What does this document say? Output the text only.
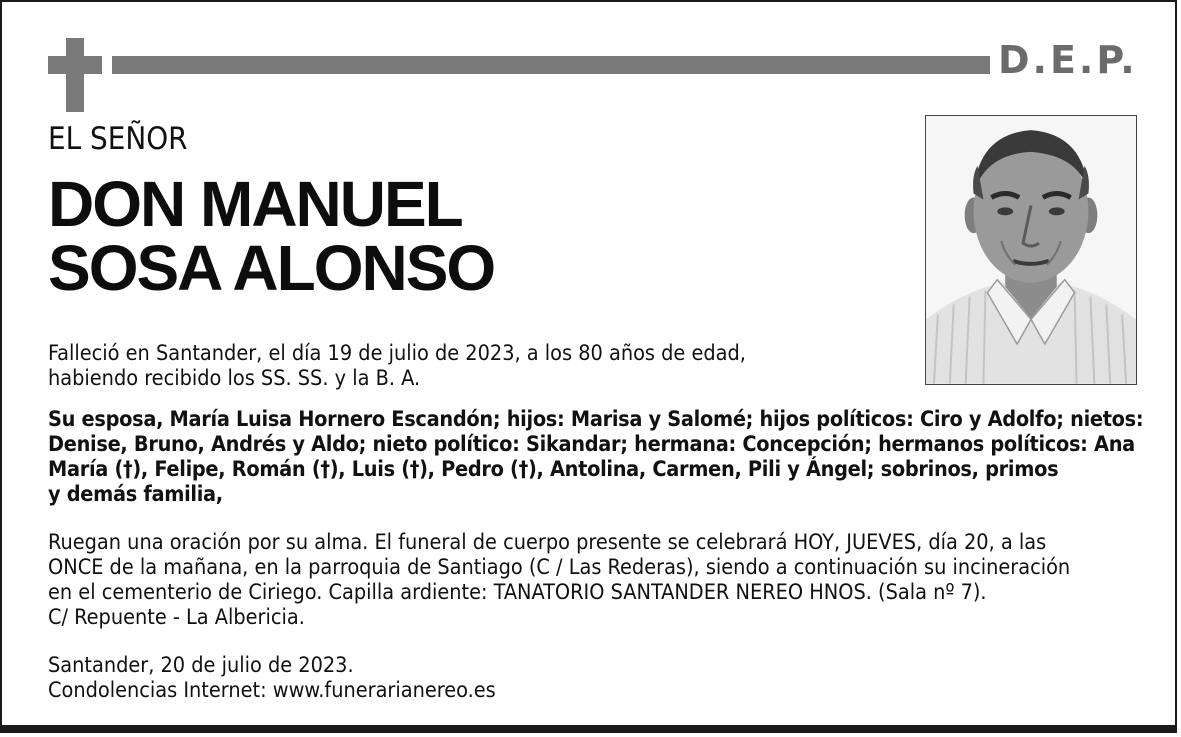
D.E.P.
EL SEÑOR
DON MANUEL
SOSA ALONSO

Falleció en Santander, el día 19 de julio de 2023, a los 80 años de edad,
habiendo recibido los SS. SS. y la B. A.

Su esposa, María Luisa Hornero Escandón; hijos: Marisa y Salomé; hijos políticos: Ciro y Adolfo; nietos:
Denise, Bruno, Andrés y Aldo; nieto político: Sikandar; hermana: Concepción; hermanos políticos: Ana
María (†), Felipe, Román (†), Luis (†), Pedro (†), Antolina, Carmen, Pili y Ángel; sobrinos, primos
y demás familia,

Ruegan una oración por su alma. El funeral de cuerpo presente se celebrará HOY, JUEVES, día 20, a las
ONCE de la mañana, en la parroquia de Santiago (C / Las Rederas), siendo a continuación su incineración
en el cementerio de Ciriego. Capilla ardiente: TANATORIO SANTANDER NEREO HNOS. (Sala nº 7).
C/ Repuente - La Albericia.

Santander, 20 de julio de 2023.
Condolencias Internet: www.funerarianereo.es
